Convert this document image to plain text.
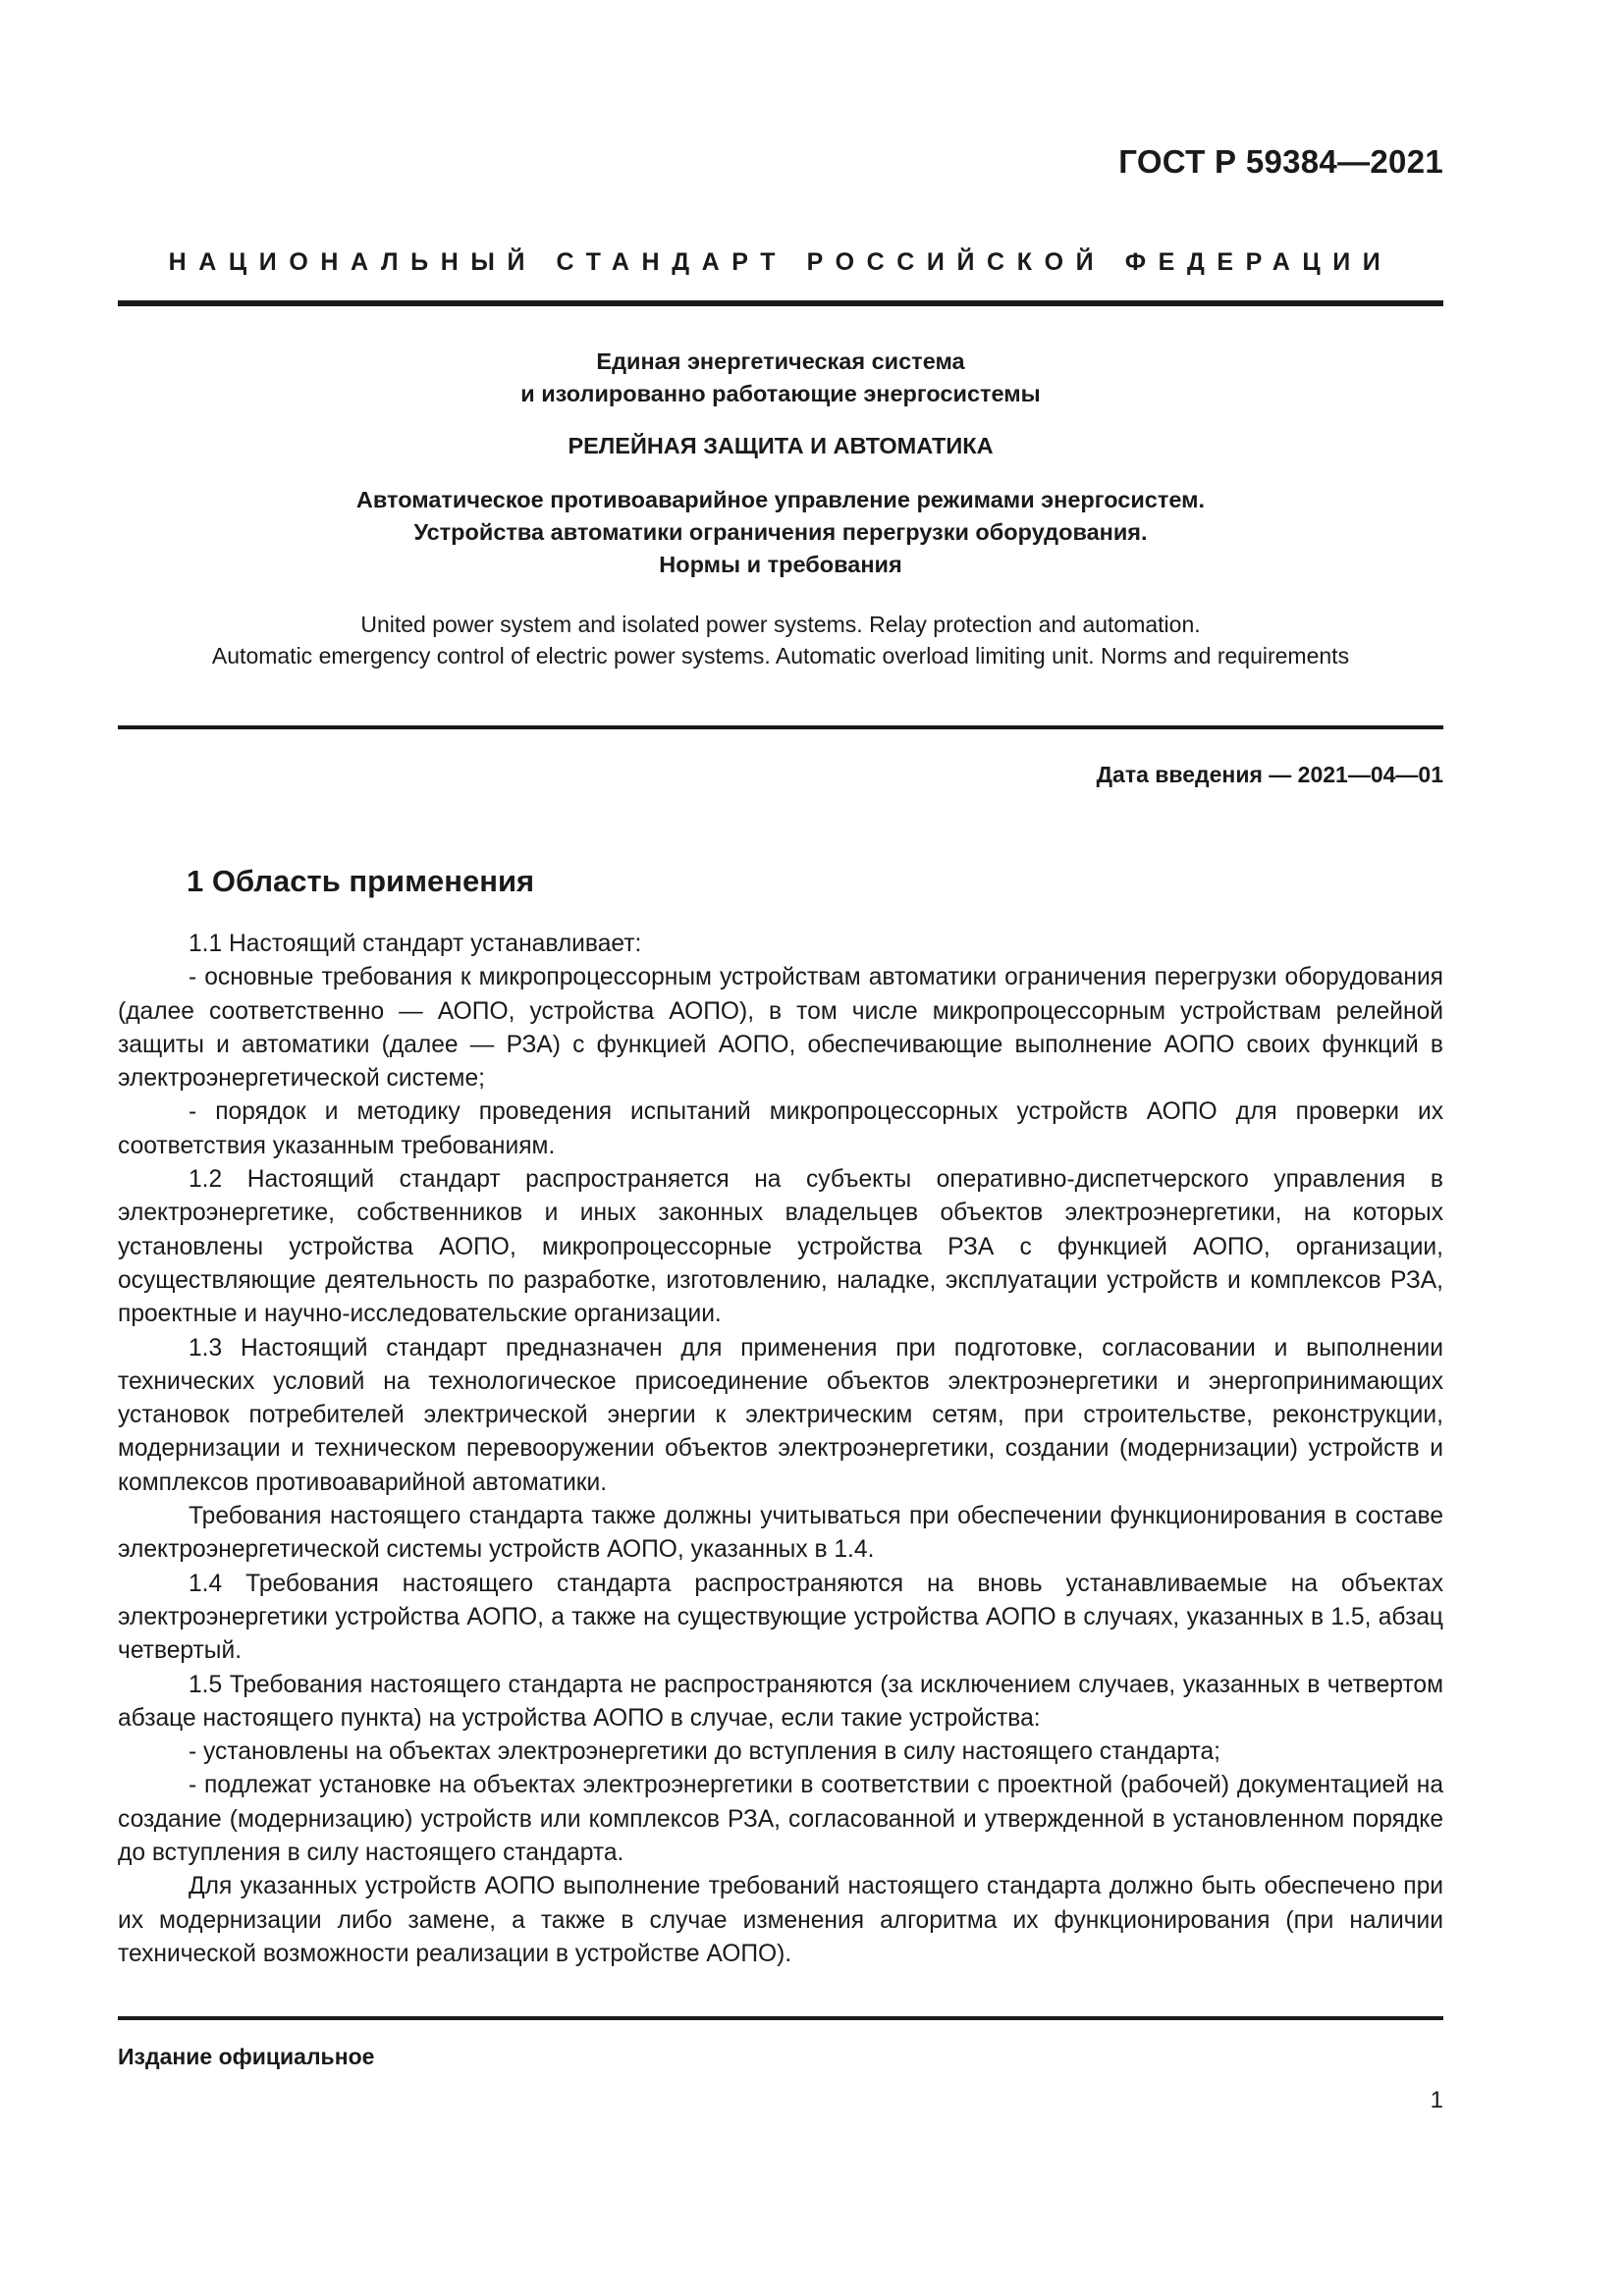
ГОСТ Р 59384—2021
НАЦИОНАЛЬНЫЙ СТАНДАРТ РОССИЙСКОЙ ФЕДЕРАЦИИ

Единая энергетическая система

и изолированно работающие энергосистемы

РЕЛЕЙНАЯ ЗАЩИТА И АВТОМАТИКА

Автоматическое противоаварийное управление режимами энергосистем.

Устройства автоматики ограничения перегрузки оборудования.

Нормы и требования

United power system and isolated power systems. Relay protection and automation.

Automatic emergency control of electric power systems. Automatic overload limiting unit. Norms and requirements

Дата введения — 2021—04—01
1 Область применения

1.1 Настоящий стандарт устанавливает:

- основные требования к микропроцессорным устройствам автоматики ограничения перегрузки оборудования (далее соответственно — АОПО, устройства АОПО), в том числе микропроцессорным устройствам релейной защиты и автоматики (далее — РЗА) с функцией АОПО, обеспечивающие выполнение АОПО своих функций в электроэнергетической системе;

- порядок и методику проведения испытаний микропроцессорных устройств АОПО для проверки их соответствия указанным требованиям.

1.2 Настоящий стандарт распространяется на субъекты оперативно-диспетчерского управления в электроэнергетике, собственников и иных законных владельцев объектов электроэнергетики, на которых установлены устройства АОПО, микропроцессорные устройства РЗА с функцией АОПО, организации, осуществляющие деятельность по разработке, изготовлению, наладке, эксплуатации устройств и комплексов РЗА, проектные и научно-исследовательские организации.

1.3 Настоящий стандарт предназначен для применения при подготовке, согласовании и выполнении технических условий на технологическое присоединение объектов электроэнергетики и энергопринимающих установок потребителей электрической энергии к электрическим сетям, при строительстве, реконструкции, модернизации и техническом перевооружении объектов электроэнергетики, создании (модернизации) устройств и комплексов противоаварийной автоматики.

Требования настоящего стандарта также должны учитываться при обеспечении функционирования в составе электроэнергетической системы устройств АОПО, указанных в 1.4.

1.4 Требования настоящего стандарта распространяются на вновь устанавливаемые на объектах электроэнергетики устройства АОПО, а также на существующие устройства АОПО в случаях, указанных в 1.5, абзац четвертый.

1.5 Требования настоящего стандарта не распространяются (за исключением случаев, указанных в четвертом абзаце настоящего пункта) на устройства АОПО в случае, если такие устройства:

- установлены на объектах электроэнергетики до вступления в силу настоящего стандарта;

- подлежат установке на объектах электроэнергетики в соответствии с проектной (рабочей) документацией на создание (модернизацию) устройств или комплексов РЗА, согласованной и утвержденной в установленном порядке до вступления в силу настоящего стандарта.

Для указанных устройств АОПО выполнение требований настоящего стандарта должно быть обеспечено при их модернизации либо замене, а также в случае изменения алгоритма их функционирования (при наличии технической возможности реализации в устройстве АОПО).

Издание официальное
1
